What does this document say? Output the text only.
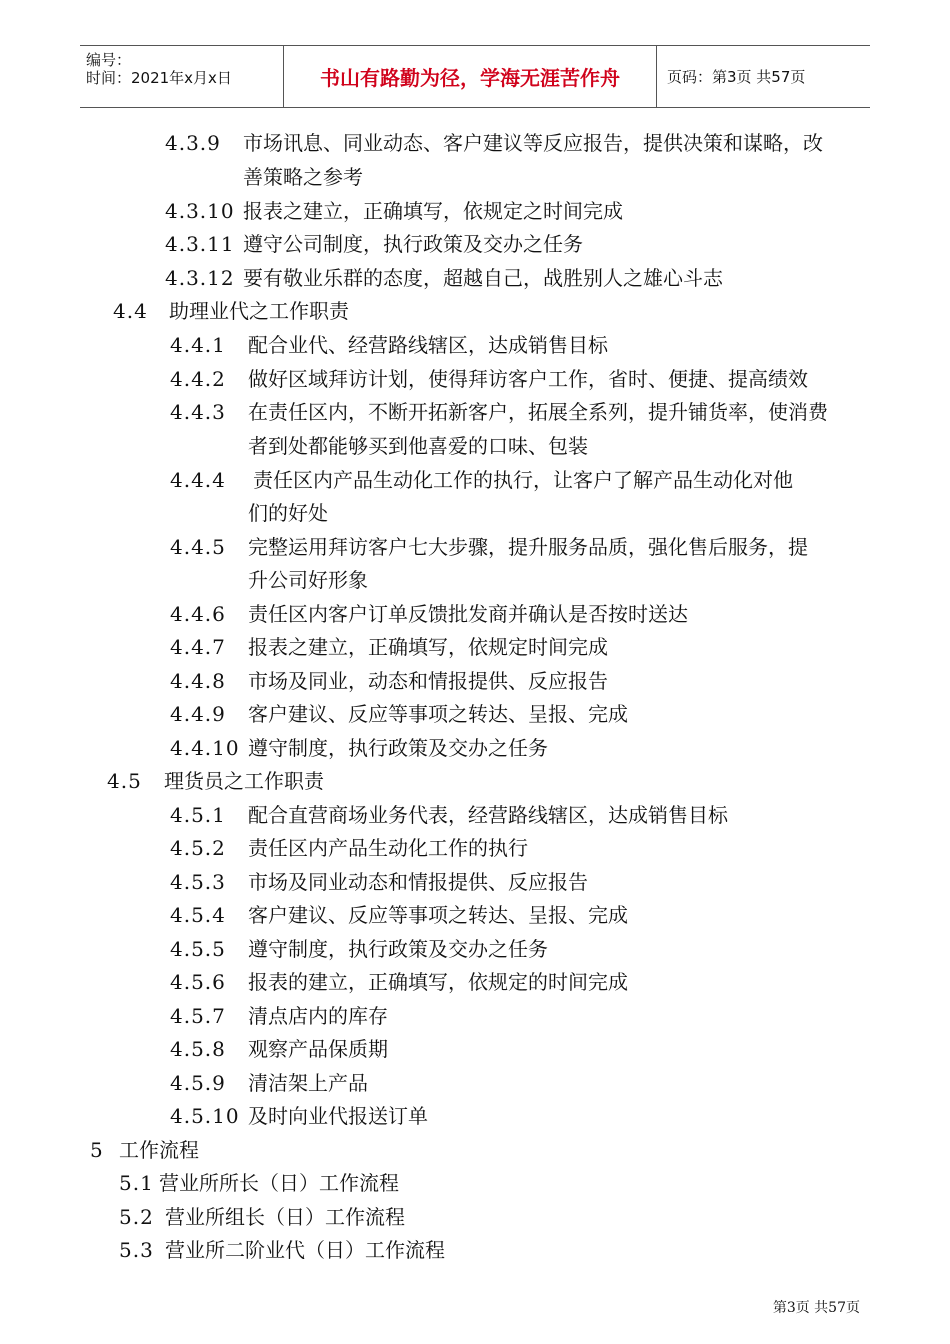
编号：
时间：2021年x月x日	书山有路勤为径，学海无涯苦作舟	页码：第3页 共57页
4.3.9 市场讯息、同业动态、客户建议等反应报告，提供决策和谋略，改
善策略之参考
4.3.10 报表之建立，正确填写，依规定之时间完成
4.3.11 遵守公司制度，执行政策及交办之任务
4.3.12 要有敬业乐群的态度，超越自己，战胜别人之雄心斗志
4.4 助理业代之工作职责
4.4.1 配合业代、经营路线辖区，达成销售目标
4.4.2 做好区域拜访计划，使得拜访客户工作，省时、便捷、提高绩效
4.4.3 在责任区内，不断开拓新客户，拓展全系列，提升铺货率，使消费
者到处都能够买到他喜爱的口味、包装
4.4.4 责任区内产品生动化工作的执行，让客户了解产品生动化对他
们的好处
4.4.5 完整运用拜访客户七大步骤，提升服务品质，强化售后服务，提
升公司好形象
4.4.6 责任区内客户订单反馈批发商并确认是否按时送达
4.4.7 报表之建立，正确填写，依规定时间完成
4.4.8 市场及同业，动态和情报提供、反应报告
4.4.9 客户建议、反应等事项之转达、呈报、完成
4.4.10 遵守制度，执行政策及交办之任务
4.5 理货员之工作职责
4.5.1 配合直营商场业务代表，经营路线辖区，达成销售目标
4.5.2 责任区内产品生动化工作的执行
4.5.3 市场及同业动态和情报提供、反应报告
4.5.4 客户建议、反应等事项之转达、呈报、完成
4.5.5 遵守制度，执行政策及交办之任务
4.5.6 报表的建立，正确填写，依规定的时间完成
4.5.7 清点店内的库存
4.5.8 观察产品保质期
4.5.9 清洁架上产品
4.5.10 及时向业代报送订单
5 工作流程
5.1 营业所所长（日）工作流程
5.2 营业所组长（日）工作流程
5.3 营业所二阶业代（日）工作流程
第3页 共57页
